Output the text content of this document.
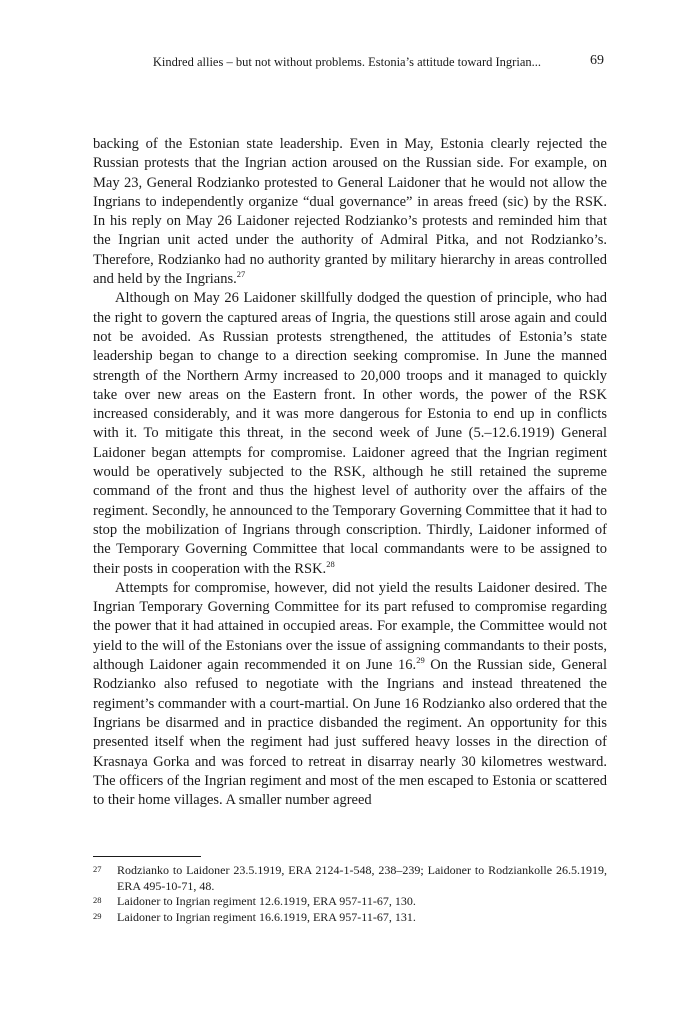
Kindred allies – but not without problems. Estonia’s attitude toward Ingrian...	69

backing of the Estonian state leadership. Even in May, Estonia clearly rejected the Russian protests that the Ingrian action aroused on the Russian side. For example, on May 23, General Rodzianko protested to General Laidoner that he would not allow the Ingrians to independently organize “dual governance” in areas freed (sic) by the RSK. In his reply on May 26 Laidoner rejected Rodzianko’s protests and reminded him that the Ingrian unit acted under the authority of Admiral Pitka, and not Rodzianko’s. Therefore, Rodzianko had no authority granted by military hierarchy in areas controlled and held by the Ingrians.$^{27}$

Although on May 26 Laidoner skillfully dodged the question of principle, who had the right to govern the captured areas of Ingria, the questions still arose again and could not be avoided. As Russian protests strengthened, the attitudes of Estonia’s state leadership began to change to a direction seeking compromise. In June the manned strength of the Northern Army increased to 20,000 troops and it managed to quickly take over new areas on the Eastern front. In other words, the power of the RSK increased considerably, and it was more dangerous for Estonia to end up in conflicts with it. To mitigate this threat, in the second week of June (5.–12.6.1919) General Laidoner began attempts for compromise. Laidoner agreed that the Ingrian regiment would be operatively subjected to the RSK, although he still retained the supreme command of the front and thus the highest level of authority over the affairs of the regiment. Secondly, he announced to the Temporary Governing Committee that it had to stop the mobilization of Ingrians through conscription. Thirdly, Laidoner informed of the Temporary Governing Committee that local commandants were to be assigned to their posts in cooperation with the RSK.$^{28}$

Attempts for compromise, however, did not yield the results Laidoner desired. The Ingrian Temporary Governing Committee for its part refused to compromise regarding the power that it had attained in occupied areas. For example, the Committee would not yield to the will of the Estonians over the issue of assigning commandants to their posts, although Laidoner again recommended it on June 16.29 On the Russian side, General Rodzianko also refused to negotiate with the Ingrians and instead threatened the regiment’s commander with a court-martial. On June 16 Rodzianko also ordered that the Ingrians be disarmed and in practice disbanded the regiment. An opportunity for this presented itself when the regiment had just suffered heavy losses in the direction of Krasnaya Gorka and was forced to retreat in disarray nearly 30 kilometres westward. The officers of the Ingrian regiment and most of the men escaped to Estonia or scattered to their home villages. A smaller number agreed

27	Rodzianko to Laidoner 23.5.1919, ERA 2124-1-548, 238–239; Laidoner to Rodziankolle 26.5.1919, ERA 495-10-71, 48.
28	Laidoner to Ingrian regiment 12.6.1919, ERA 957-11-67, 130.
29	Laidoner to Ingrian regiment 16.6.1919, ERA 957-11-67, 131.
